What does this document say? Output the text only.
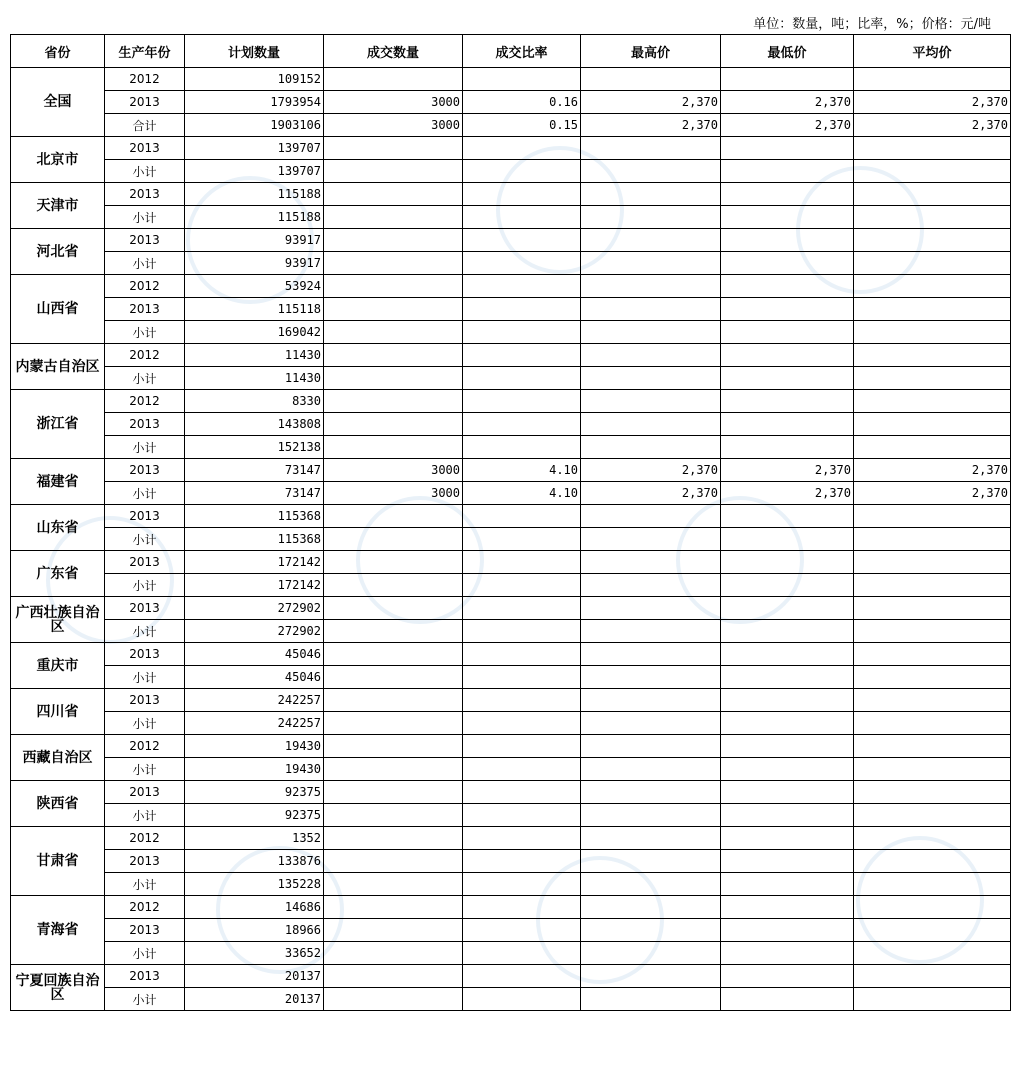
单位：数量，吨；比率，%；价格：元/吨
省份	生产年份	计划数量	成交数量	成交比率	最高价	最低价	平均价
全国	2012	109152					
	2013	1793954	3000	0.16	2,370	2,370	2,370
	合计	1903106	3000	0.15	2,370	2,370	2,370
北京市	2013	139707					
	小计	139707					
天津市	2013	115188					
	小计	115188					
河北省	2013	93917					
	小计	93917					
山西省	2012	53924					
	2013	115118					
	小计	169042					
内蒙古自治区	2012	11430					
	小计	11430					
浙江省	2012	8330					
	2013	143808					
	小计	152138					
福建省	2013	73147	3000	4.10	2,370	2,370	2,370
	小计	73147	3000	4.10	2,370	2,370	2,370
山东省	2013	115368					
	小计	115368					
广东省	2013	172142					
	小计	172142					
广西壮族自治区	2013	272902					
	小计	272902					
重庆市	2013	45046					
	小计	45046					
四川省	2013	242257					
	小计	242257					
西藏自治区	2012	19430					
	小计	19430					
陕西省	2013	92375					
	小计	92375					
甘肃省	2012	1352					
	2013	133876					
	小计	135228					
青海省	2012	14686					
	2013	18966					
	小计	33652					
宁夏回族自治区	2013	20137					
	小计	20137					
